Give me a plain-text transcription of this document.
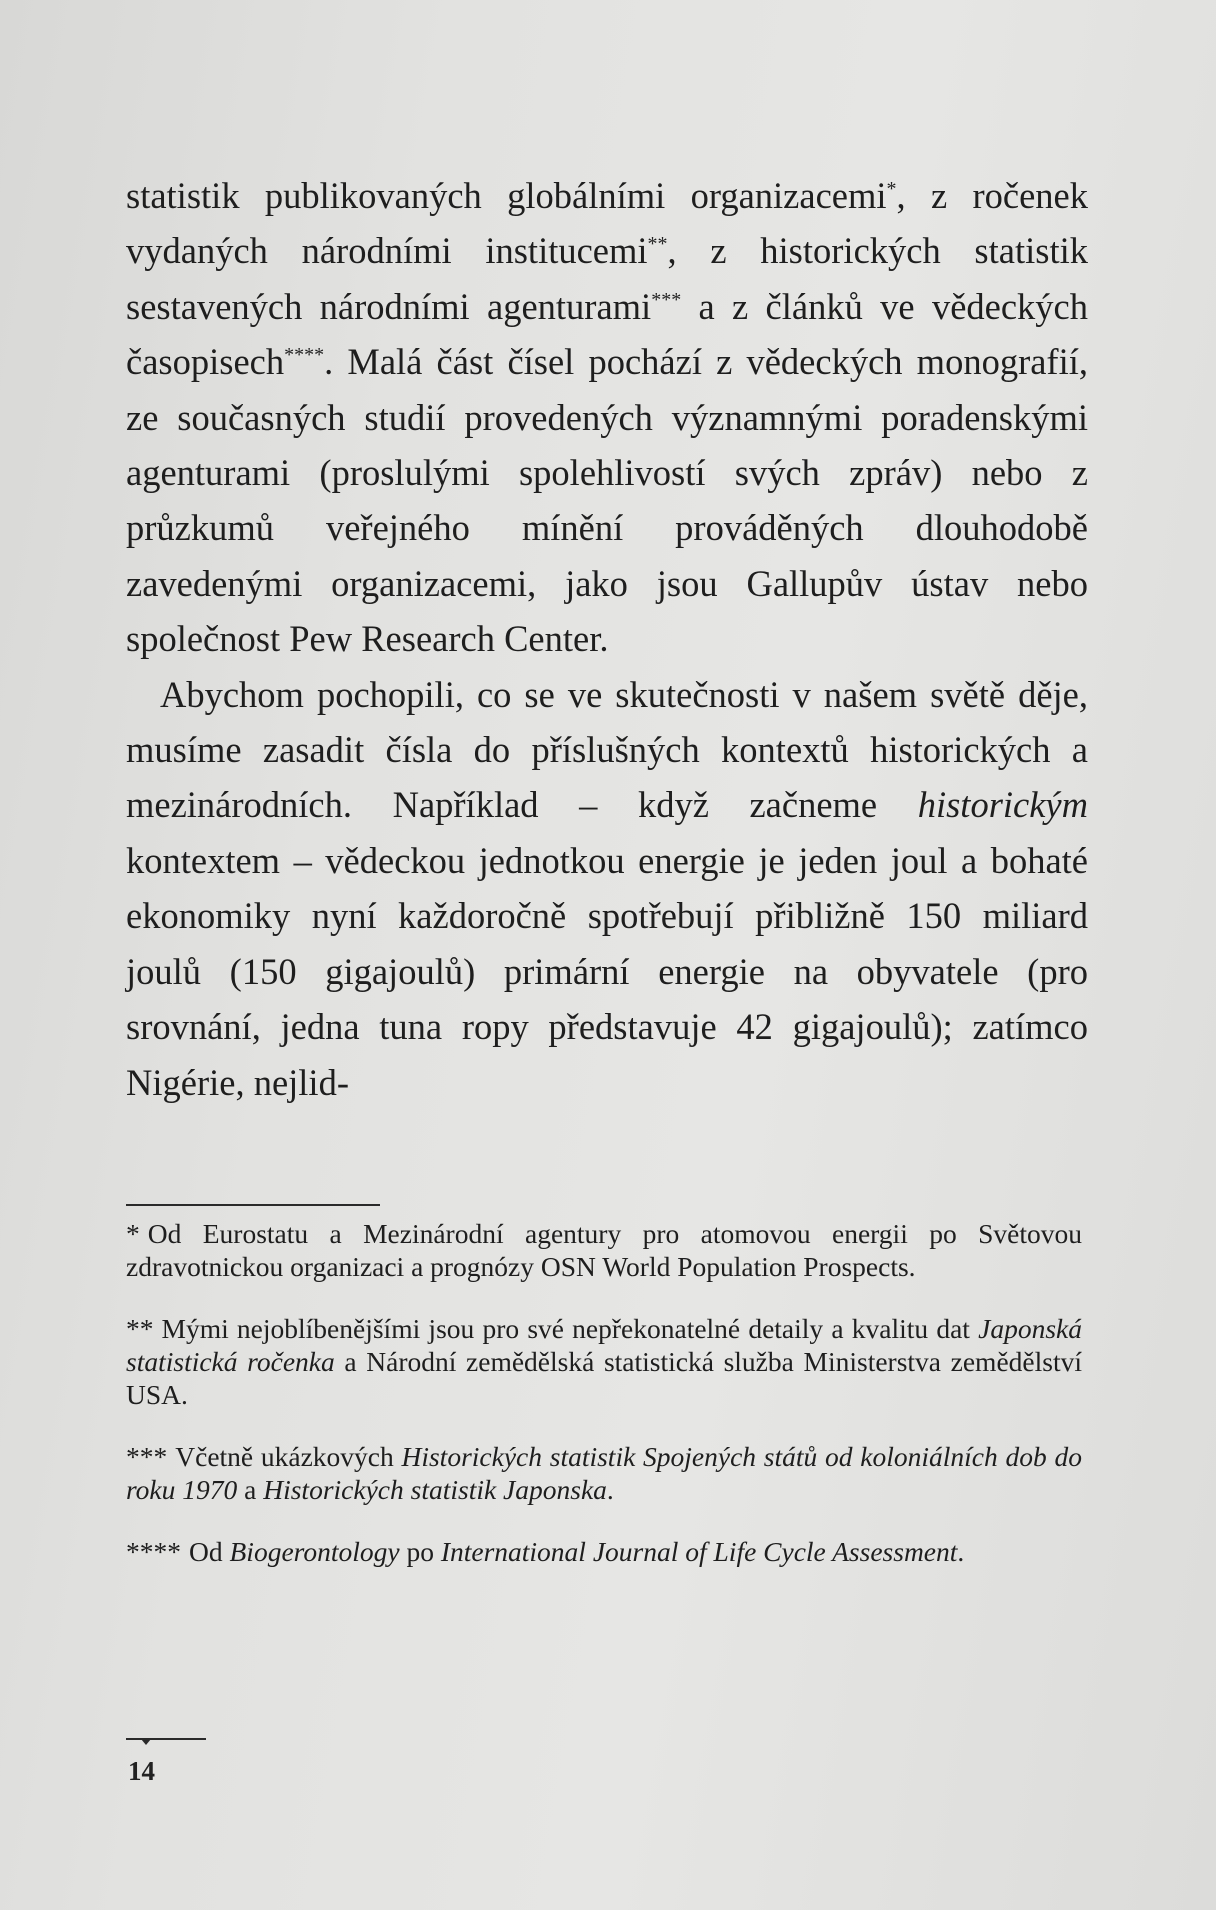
statistik publikovaných globálními organizacemi*, z ročenek vydaných národními institucemi**, z historických statistik sestavených národními agenturami*** a z článků ve vědeckých časopisech****. Malá část čísel pochází z vědeckých monografií, ze současných studií provedených významnými poradenskými agenturami (proslulými spolehlivostí svých zpráv) nebo z průzkumů veřejného mínění prováděných dlouhodobě zavedenými organizacemi, jako jsou Gallupův ústav nebo společnost Pew Research Center.

Abychom pochopili, co se ve skutečnosti v našem světě děje, musíme zasadit čísla do příslušných kontextů historických a mezinárodních. Například – když začneme historickým kontextem – vědeckou jednotkou energie je jeden joul a bohaté ekonomiky nyní každoročně spotřebují přibližně 150 miliard joulů (150 gigajoulů) primární energie na obyvatele (pro srovnání, jedna tuna ropy představuje 42 gigajoulů); zatímco Nigérie, nejlid-

* Od Eurostatu a Mezinárodní agentury pro atomovou energii po Světovou zdravotnickou organizaci a prognózy OSN World Population Prospects.

** Mými nejoblíbenějšími jsou pro své nepřekonatelné detaily a kvalitu dat Japonská statistická ročenka a Národní zemědělská statistická služba Ministerstva zemědělství USA.

*** Včetně ukázkových Historických statistik Spojených států od koloniálních dob do roku 1970 a Historických statistik Japonska.

**** Od Biogerontology po International Journal of Life Cycle Assessment.

14
